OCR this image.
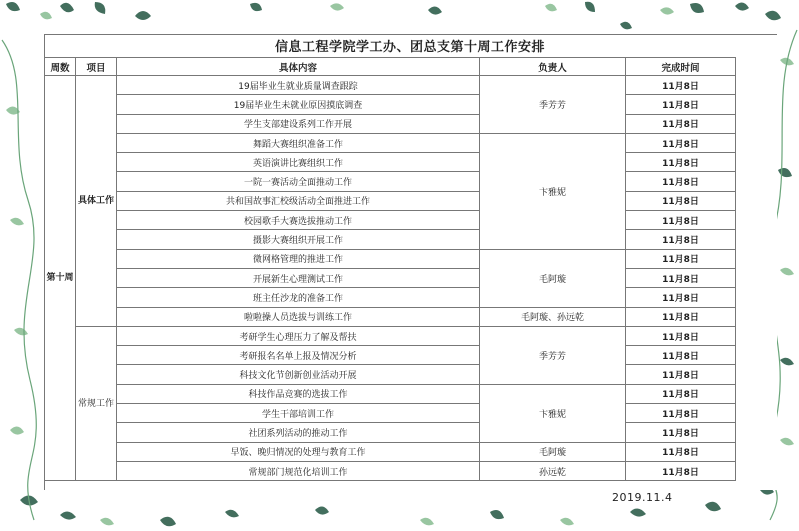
信息工程学院学工办、团总支第十周工作安排
周数	项目	具体内容	负责人	完成时间
第十周	具体工作	19届毕业生就业质量调查跟踪	季芳芳	11月8日
		19届毕业生未就业原因摸底调查		11月8日
		学生支部建设系列工作开展		11月8日
		舞蹈大赛组织准备工作	卞雅妮	11月8日
		英语演讲比赛组织工作		11月8日
		一院一赛活动全面推动工作		11月8日
		共和国故事汇校级活动全面推进工作		11月8日
		校园歌手大赛选拔推动工作		11月8日
		摄影大赛组织开展工作		11月8日
		微网格管理的推进工作	毛阿璇	11月8日
		开展新生心理测试工作		11月8日
		班主任沙龙的准备工作		11月8日
		啦啦操人员选拔与训练工作	毛阿璇、孙远乾	11月8日
	常规工作	考研学生心理压力了解及帮扶	季芳芳	11月8日
		考研报名名单上报及情况分析		11月8日
		科技文化节创新创业活动开展		11月8日
		科技作品竞赛的选拔工作	卞雅妮	11月8日
		学生干部培训工作		11月8日
		社团系列活动的推动工作		11月8日
		早饭、晚归情况的处理与教育工作	毛阿璇	11月8日
		常规部门规范化培训工作	孙远乾	11月8日
2019.11.4
